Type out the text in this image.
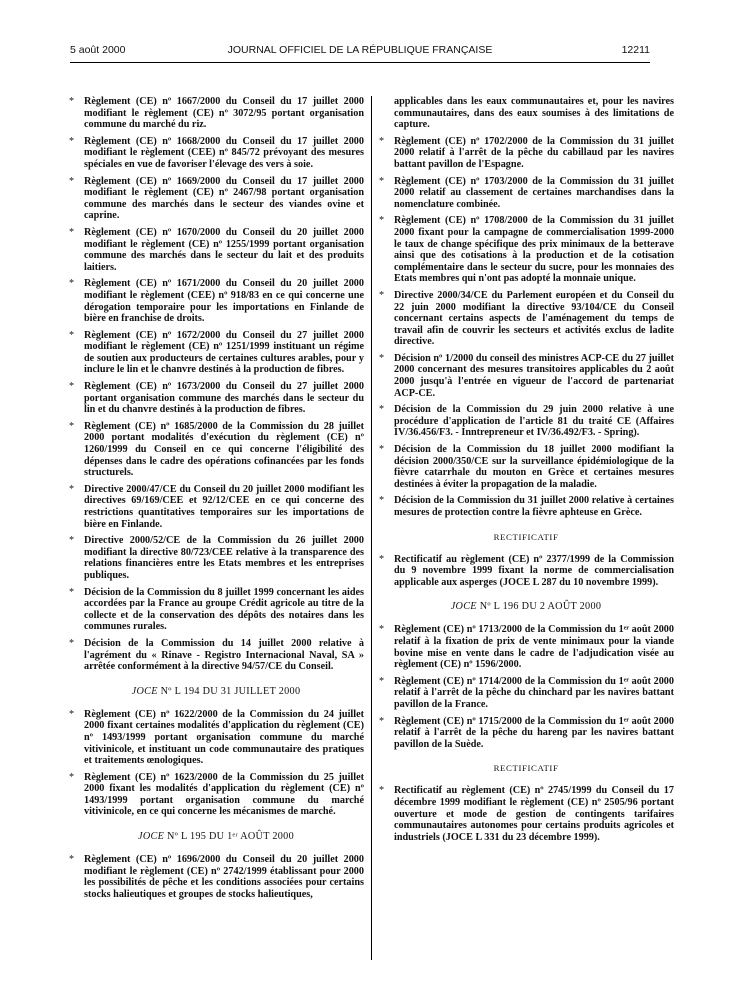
5 août 2000	JOURNAL OFFICIEL DE LA RÉPUBLIQUE FRANÇAISE	12211
* Règlement (CE) nº 1667/2000 du Conseil du 17 juillet 2000 modifiant le règlement (CE) nº 3072/95 portant organisation commune du marché du riz.
* Règlement (CE) nº 1668/2000 du Conseil du 17 juillet 2000 modifiant le règlement (CEE) nº 845/72 prévoyant des mesures spéciales en vue de favoriser l'élevage des vers à soie.
* Règlement (CE) nº 1669/2000 du Conseil du 17 juillet 2000 modifiant le règlement (CE) nº 2467/98 portant organisation commune des marchés dans le secteur des viandes ovine et caprine.
* Règlement (CE) nº 1670/2000 du Conseil du 20 juillet 2000 modifiant le règlement (CE) nº 1255/1999 portant organisation commune des marchés dans le secteur du lait et des produits laitiers.
* Règlement (CE) nº 1671/2000 du Conseil du 20 juillet 2000 modifiant le règlement (CEE) nº 918/83 en ce qui concerne une dérogation temporaire pour les importations en Finlande de bière en franchise de droits.
* Règlement (CE) nº 1672/2000 du Conseil du 27 juillet 2000 modifiant le règlement (CE) nº 1251/1999 instituant un régime de soutien aux producteurs de certaines cultures arables, pour y inclure le lin et le chanvre destinés à la production de fibres.
* Règlement (CE) nº 1673/2000 du Conseil du 27 juillet 2000 portant organisation commune des marchés dans le secteur du lin et du chanvre destinés à la production de fibres.
* Règlement (CE) nº 1685/2000 de la Commission du 28 juillet 2000 portant modalités d'exécution du règlement (CE) nº 1260/1999 du Conseil en ce qui concerne l'éligibilité des dépenses dans le cadre des opérations cofinancées par les fonds structurels.
* Directive 2000/47/CE du Conseil du 20 juillet 2000 modifiant les directives 69/169/CEE et 92/12/CEE en ce qui concerne des restrictions quantitatives temporaires sur les importations de bière en Finlande.
* Directive 2000/52/CE de la Commission du 26 juillet 2000 modifiant la directive 80/723/CEE relative à la transparence des relations financières entre les Etats membres et les entreprises publiques.
* Décision de la Commission du 8 juillet 1999 concernant les aides accordées par la France au groupe Crédit agricole au titre de la collecte et de la conservation des dépôts des notaires dans les communes rurales.
* Décision de la Commission du 14 juillet 2000 relative à l'agrément du « Rinave - Registro Internacional Naval, SA » arrêtée conformément à la directive 94/57/CE du Conseil.
JOCE Nº L 194 DU 31 JUILLET 2000
* Règlement (CE) nº 1622/2000 de la Commission du 24 juillet 2000 fixant certaines modalités d'application du règlement (CE) nº 1493/1999 portant organisation commune du marché vitivinicole, et instituant un code communautaire des pratiques et traitements œnologiques.
* Règlement (CE) nº 1623/2000 de la Commission du 25 juillet 2000 fixant les modalités d'application du règlement (CE) nº 1493/1999 portant organisation commune du marché vitivinicole, en ce qui concerne les mécanismes de marché.
JOCE Nº L 195 DU 1ᵉʳ AOÛT 2000
* Règlement (CE) nº 1696/2000 du Conseil du 20 juillet 2000 modifiant le règlement (CE) nº 2742/1999 établissant pour 2000 les possibilités de pêche et les conditions associées pour certains stocks halieutiques et groupes de stocks halieutiques,
applicables dans les eaux communautaires et, pour les navires communautaires, dans des eaux soumises à des limitations de capture.
* Règlement (CE) nº 1702/2000 de la Commission du 31 juillet 2000 relatif à l'arrêt de la pêche du cabillaud par les navires battant pavillon de l'Espagne.
* Règlement (CE) nº 1703/2000 de la Commission du 31 juillet 2000 relatif au classement de certaines marchandises dans la nomenclature combinée.
* Règlement (CE) nº 1708/2000 de la Commission du 31 juillet 2000 fixant pour la campagne de commercialisation 1999-2000 le taux de change spécifique des prix minimaux de la betterave ainsi que des cotisations à la production et de la cotisation complémentaire dans le secteur du sucre, pour les monnaies des Etats membres qui n'ont pas adopté la monnaie unique.
* Directive 2000/34/CE du Parlement européen et du Conseil du 22 juin 2000 modifiant la directive 93/104/CE du Conseil concernant certains aspects de l'aménagement du temps de travail afin de couvrir les secteurs et activités exclus de ladite directive.
* Décision nº 1/2000 du conseil des ministres ACP-CE du 27 juillet 2000 concernant des mesures transitoires applicables du 2 août 2000 jusqu'à l'entrée en vigueur de l'accord de partenariat ACP-CE.
* Décision de la Commission du 29 juin 2000 relative à une procédure d'application de l'article 81 du traité CE (Affaires IV/36.456/F3. - Inntrepreneur et IV/36.492/F3. - Spring).
* Décision de la Commission du 18 juillet 2000 modifiant la décision 2000/350/CE sur la surveillance épidémiologique de la fièvre catarrhale du mouton en Grèce et certaines mesures destinées à éviter la propagation de la maladie.
* Décision de la Commission du 31 juillet 2000 relative à certaines mesures de protection contre la fièvre aphteuse en Grèce.
RECTIFICATIF
* Rectificatif au règlement (CE) nº 2377/1999 de la Commission du 9 novembre 1999 fixant la norme de commercialisation applicable aux asperges (JOCE L 287 du 10 novembre 1999).
JOCE Nº L 196 DU 2 AOÛT 2000
* Règlement (CE) nº 1713/2000 de la Commission du 1ᵉʳ août 2000 relatif à la fixation de prix de vente minimaux pour la viande bovine mise en vente dans le cadre de l'adjudication visée au règlement (CE) nº 1596/2000.
* Règlement (CE) nº 1714/2000 de la Commission du 1ᵉʳ août 2000 relatif à l'arrêt de la pêche du chinchard par les navires battant pavillon de la France.
* Règlement (CE) nº 1715/2000 de la Commission du 1ᵉʳ août 2000 relatif à l'arrêt de la pêche du hareng par les navires battant pavillon de la Suède.
RECTIFICATIF
* Rectificatif au règlement (CE) nº 2745/1999 du Conseil du 17 décembre 1999 modifiant le règlement (CE) nº 2505/96 portant ouverture et mode de gestion de contingents tarifaires communautaires autonomes pour certains produits agricoles et industriels (JOCE L 331 du 23 décembre 1999).
